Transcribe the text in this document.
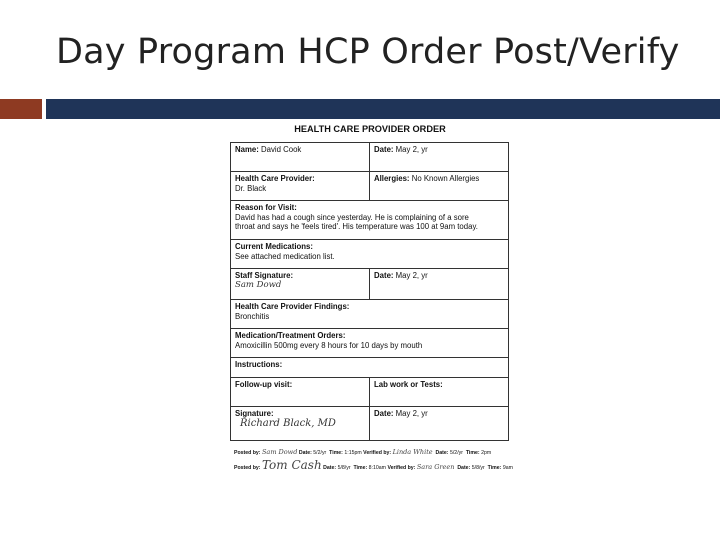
Day Program HCP Order Post/Verify
HEALTH CARE PROVIDER ORDER
Name: David Cook	Date: May 2, yr
Health Care Provider:
Dr. Black
Allergies: No Known Allergies
Reason for Visit:
David has had a cough since yesterday. He is complaining of a sore
throat and says he 'feels tired'. His temperature was 100 at 9am today.
Current Medications:
See attached medication list.
Staff Signature:
Sam Dowd
Date: May 2, yr
Health Care Provider Findings:
Bronchitis
Medication/Treatment Orders:
Amoxicillin 500mg every 8 hours for 10 days by mouth
Instructions:
Follow-up visit:	Lab work or Tests:
Signature:
Richard Black, MD
Date: May 2, yr
Posted by: Sam Dowd Date: 5/2/yr Time: 1:15pm Verified by: Linda White Date: 5/2/yr Time: 2pm
Posted by: Tom Cash Date: 5/8/yr Time: 8:10am Verified by: Sara Green Date: 5/8/yr Time: 9am
